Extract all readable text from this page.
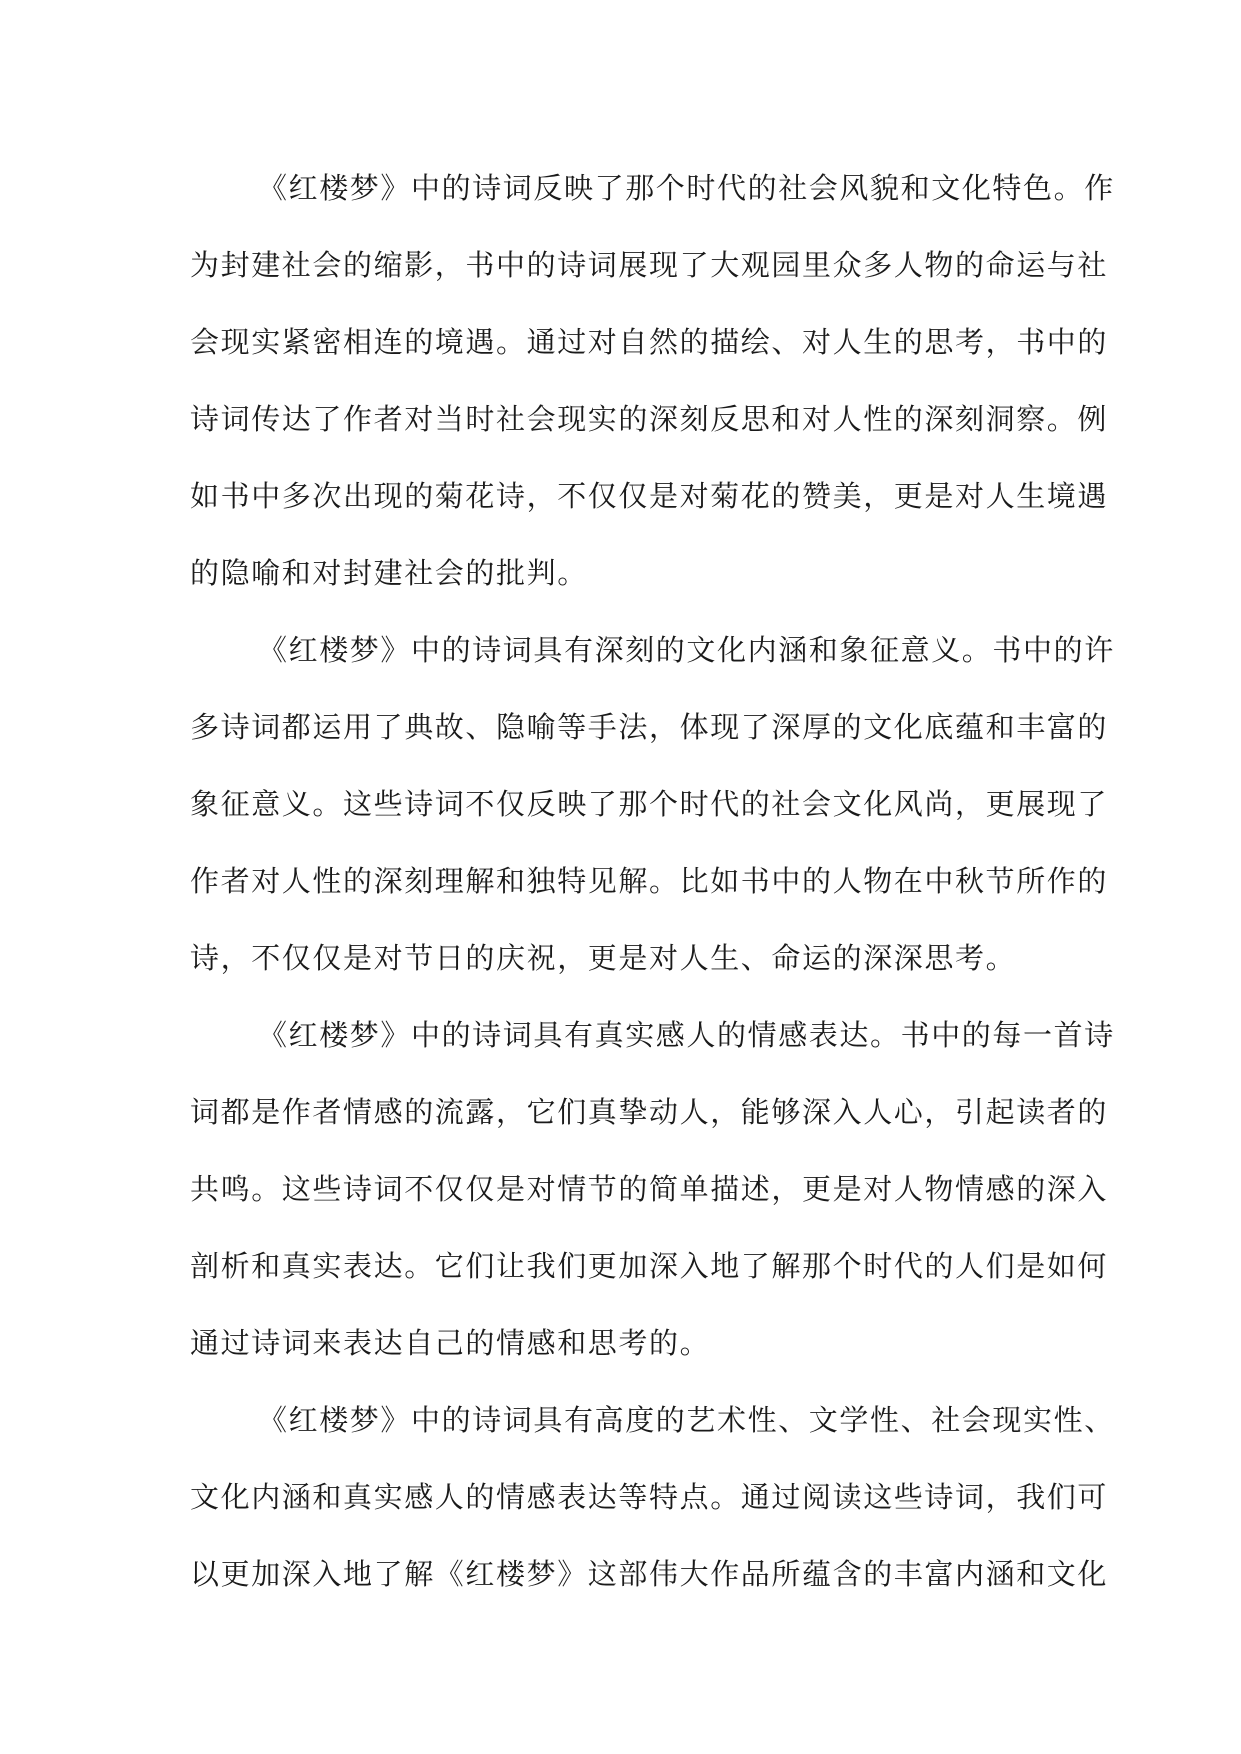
《红楼梦》中的诗词反映了那个时代的社会风貌和文化特色。作
为封建社会的缩影，书中的诗词展现了大观园里众多人物的命运与社
会现实紧密相连的境遇。通过对自然的描绘、对人生的思考，书中的
诗词传达了作者对当时社会现实的深刻反思和对人性的深刻洞察。例
如书中多次出现的菊花诗，不仅仅是对菊花的赞美，更是对人生境遇
的隐喻和对封建社会的批判。
《红楼梦》中的诗词具有深刻的文化内涵和象征意义。书中的许
多诗词都运用了典故、隐喻等手法，体现了深厚的文化底蕴和丰富的
象征意义。这些诗词不仅反映了那个时代的社会文化风尚，更展现了
作者对人性的深刻理解和独特见解。比如书中的人物在中秋节所作的
诗，不仅仅是对节日的庆祝，更是对人生、命运的深深思考。
《红楼梦》中的诗词具有真实感人的情感表达。书中的每一首诗
词都是作者情感的流露，它们真挚动人，能够深入人心，引起读者的
共鸣。这些诗词不仅仅是对情节的简单描述，更是对人物情感的深入
剖析和真实表达。它们让我们更加深入地了解那个时代的人们是如何
通过诗词来表达自己的情感和思考的。
《红楼梦》中的诗词具有高度的艺术性、文学性、社会现实性、
文化内涵和真实感人的情感表达等特点。通过阅读这些诗词，我们可
以更加深入地了解《红楼梦》这部伟大作品所蕴含的丰富内涵和文化
